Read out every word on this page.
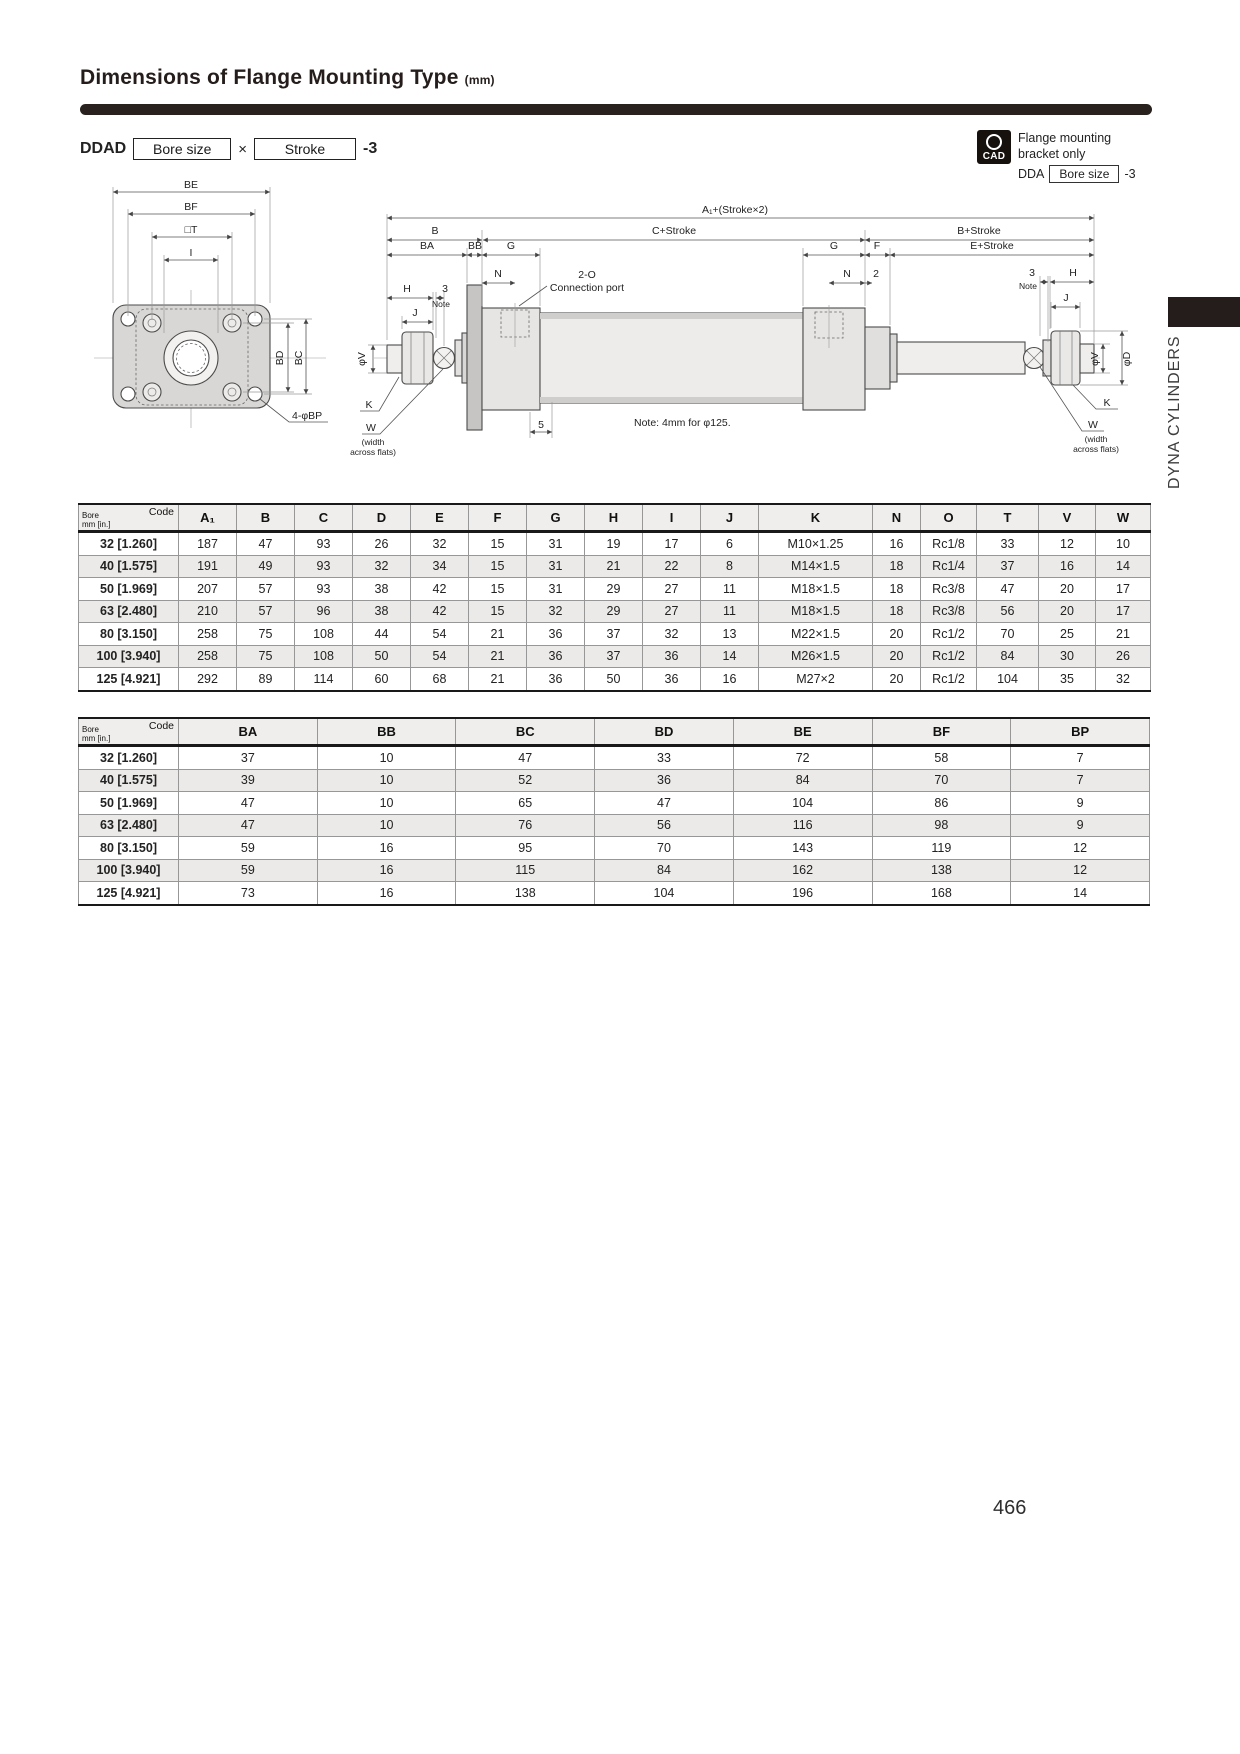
Dimensions of Flange Mounting Type (mm)
DDAD	Bore size	×	Stroke	-3	CAD
Flange mounting
bracket only
DDA	Bore size	-3
BE
BF
□T
I
BD BC
4-φBP
A₁+(Stroke×2)
B	C+Stroke	B+Stroke
BA	BB G	G	F	E+Stroke
N	N 2
2-O
Connection port
H	3
Note
J
H
3
Note
J
φV	φV φD
K
W
(width
across flats)
K
W
(width
across flats)
5	Note: 4mm for φ125.
Code
Bore
mm [in.]	A₁	B	C	D	E	F	G	H	I	J	K	N	O	T	V	W
32 [1.260]	187	47	93	26	32	15	31	19	17	6	M10×1.25	16	Rc1/8	33	12	10
40 [1.575]	191	49	93	32	34	15	31	21	22	8	M14×1.5	18	Rc1/4	37	16	14
50 [1.969]	207	57	93	38	42	15	31	29	27	11	M18×1.5	18	Rc3/8	47	20	17
63 [2.480]	210	57	96	38	42	15	32	29	27	11	M18×1.5	18	Rc3/8	56	20	17
80 [3.150]	258	75	108	44	54	21	36	37	32	13	M22×1.5	20	Rc1/2	70	25	21
100 [3.940]	258	75	108	50	54	21	36	37	36	14	M26×1.5	20	Rc1/2	84	30	26
125 [4.921]	292	89	114	60	68	21	36	50	36	16	M27×2	20	Rc1/2	104	35	32
Code
Bore
mm [in.]	BA	BB	BC	BD	BE	BF	BP
32 [1.260]	37	10	47	33	72	58	7
40 [1.575]	39	10	52	36	84	70	7
50 [1.969]	47	10	65	47	104	86	9
63 [2.480]	47	10	76	56	116	98	9
80 [3.150]	59	16	95	70	143	119	12
100 [3.940]	59	16	115	84	162	138	12
125 [4.921]	73	16	138	104	196	168	14
DYNA CYLINDERS
466
